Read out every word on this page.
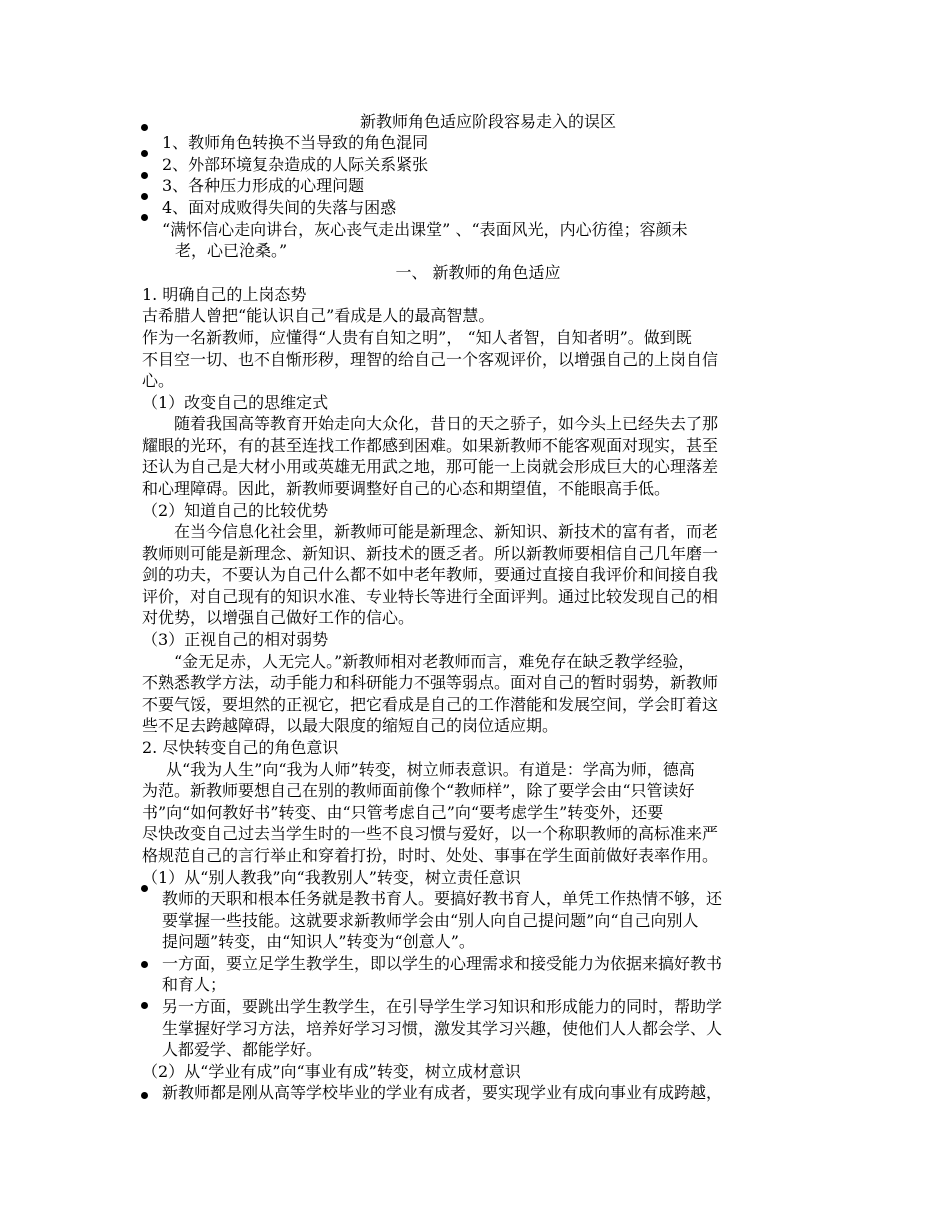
新教师角色适应阶段容易走入的误区
1、教师角色转换不当导致的角色混同
2、外部环境复杂造成的人际关系紧张
3、各种压力形成的心理问题
4、面对成败得失间的失落与困惑
“满怀信心走向讲台，灰心丧气走出课堂” 、“表面风光，内心彷徨；容颜未
老，心已沧桑。”
一、 新教师的角色适应
1. 明确自己的上岗态势
古希腊人曾把“能认识自己”看成是人的最高智慧。
作为一名新教师，应懂得“人贵有自知之明”， “知人者智，自知者明”。做到既
不目空一切、也不自惭形秽，理智的给自己一个客观评价，以增强自己的上岗自信
心。
（1）改变自己的思维定式
随着我国高等教育开始走向大众化，昔日的天之骄子，如今头上已经失去了那
耀眼的光环，有的甚至连找工作都感到困难。如果新教师不能客观面对现实，甚至
还认为自己是大材小用或英雄无用武之地，那可能一上岗就会形成巨大的心理落差
和心理障碍。因此，新教师要调整好自己的心态和期望值，不能眼高手低。
（2）知道自己的比较优势
在当今信息化社会里，新教师可能是新理念、新知识、新技术的富有者，而老
教师则可能是新理念、新知识、新技术的匮乏者。所以新教师要相信自己几年磨一
剑的功夫，不要认为自己什么都不如中老年教师，要通过直接自我评价和间接自我
评价，对自己现有的知识水准、专业特长等进行全面评判。通过比较发现自己的相
对优势，以增强自己做好工作的信心。
（3）正视自己的相对弱势
“金无足赤，人无完人。”新教师相对老教师而言，难免存在缺乏教学经验，
不熟悉教学方法，动手能力和科研能力不强等弱点。面对自己的暂时弱势，新教师
不要气馁，要坦然的正视它，把它看成是自己的工作潜能和发展空间，学会盯着这
些不足去跨越障碍，以最大限度的缩短自己的岗位适应期。
2. 尽快转变自己的角色意识
从“我为人生”向“我为人师”转变，树立师表意识。有道是：学高为师，德高
为范。新教师要想自己在别的教师面前像个“教师样”，除了要学会由“只管读好
书”向“如何教好书”转变、由“只管考虑自己”向“要考虑学生”转变外，还要
尽快改变自己过去当学生时的一些不良习惯与爱好，以一个称职教师的高标准来严
格规范自己的言行举止和穿着打扮，时时、处处、事事在学生面前做好表率作用。
（1）从“别人教我”向“我教别人”转变，树立责任意识
教师的天职和根本任务就是教书育人。要搞好教书育人，单凭工作热情不够，还
要掌握一些技能。这就要求新教师学会由“别人向自己提问题”向“自己向别人
提问题”转变，由“知识人”转变为“创意人”。
一方面，要立足学生教学生，即以学生的心理需求和接受能力为依据来搞好教书
和育人；
另一方面，要跳出学生教学生，在引导学生学习知识和形成能力的同时，帮助学
生掌握好学习方法，培养好学习习惯，激发其学习兴趣，使他们人人都会学、人
人都爱学、都能学好。
（2）从“学业有成”向“事业有成”转变，树立成材意识
新教师都是刚从高等学校毕业的学业有成者，要实现学业有成向事业有成跨越，
